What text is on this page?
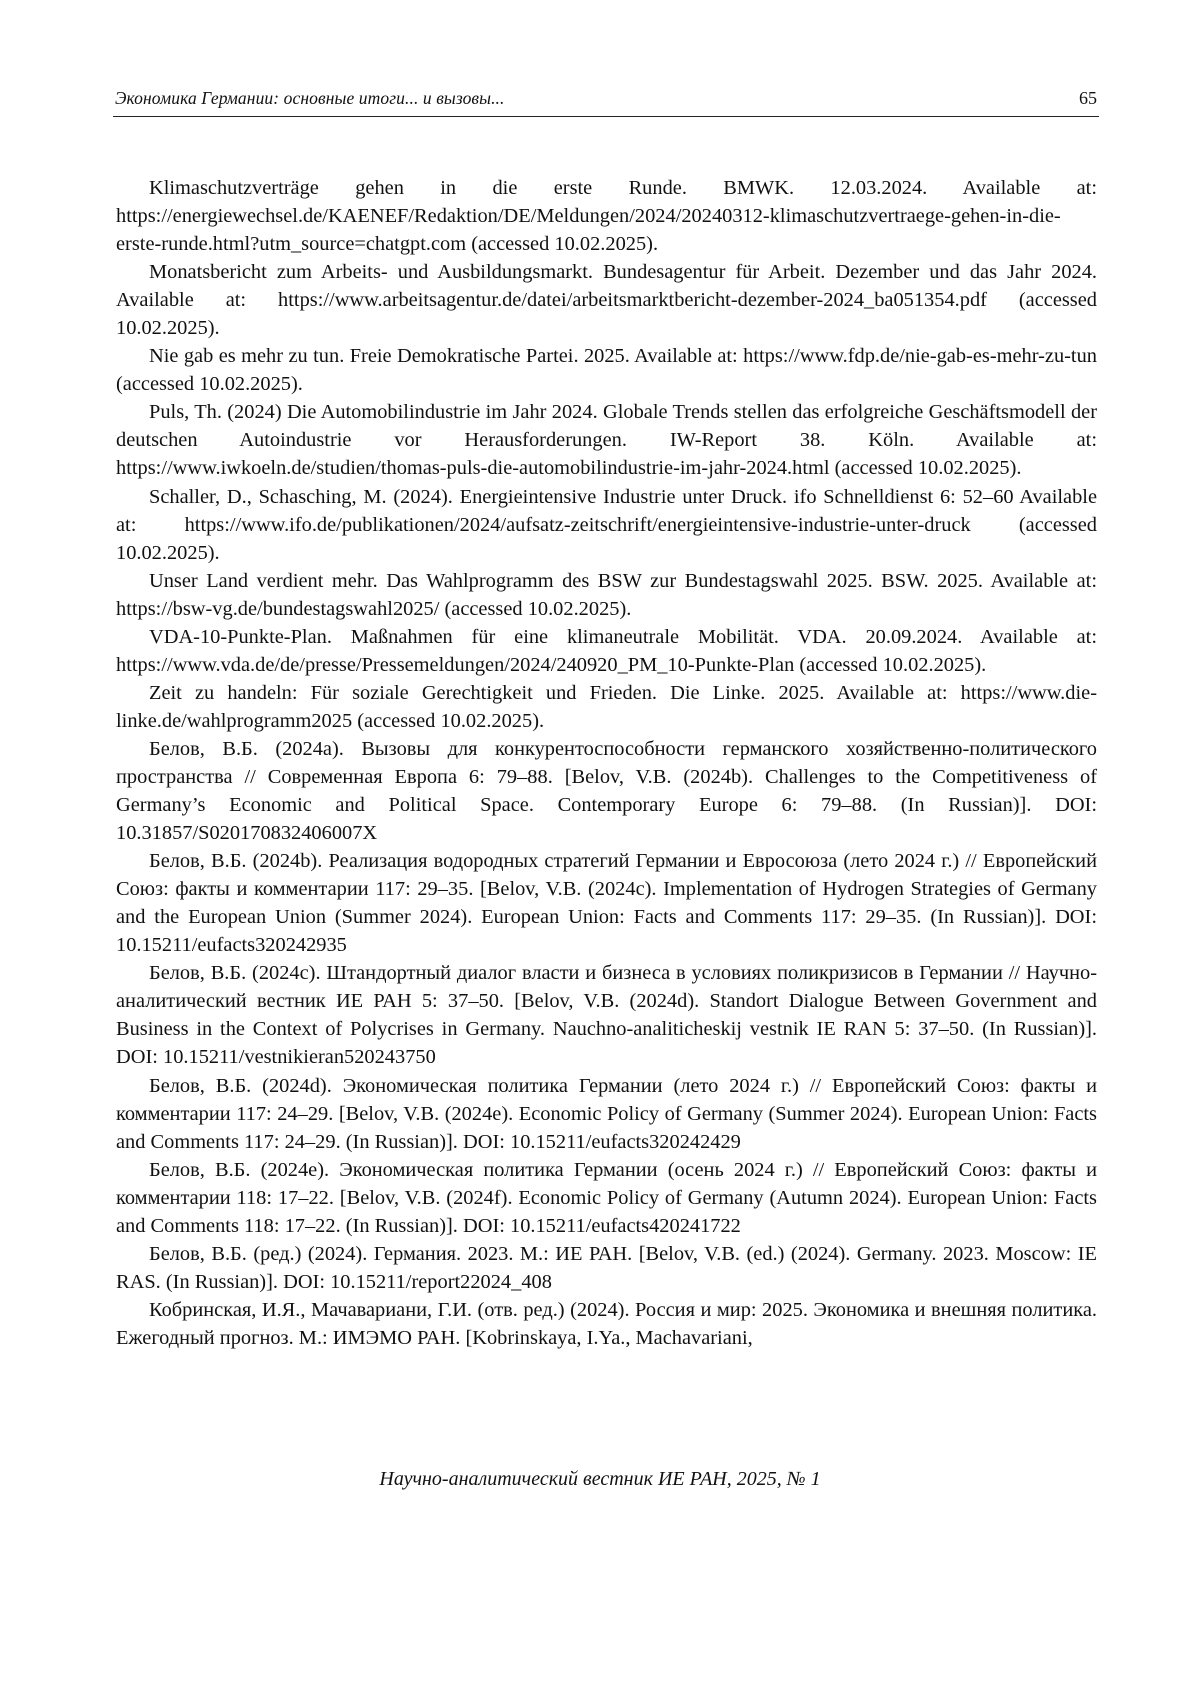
Экономика Германии: основные итоги... и вызовы...	65

Klimaschutzverträge gehen in die erste Runde. BMWK. 12.03.2024. Available at: https://energiewechsel.de/KAENEF/Redaktion/DE/Meldungen/2024/20240312-klimaschutzvertraege-gehen-in-die-erste-runde.html?utm_source=chatgpt.com (accessed 10.02.2025).

Monatsbericht zum Arbeits- und Ausbildungsmarkt. Bundesagentur für Arbeit. Dezember und das Jahr 2024. Available at: https://www.arbeitsagentur.de/datei/arbeitsmarktbericht-dezember-2024_ba051354.pdf (accessed 10.02.2025).

Nie gab es mehr zu tun. Freie Demokratische Partei. 2025. Available at: https://www.fdp.de/nie-gab-es-mehr-zu-tun (accessed 10.02.2025).

Puls, Th. (2024) Die Automobilindustrie im Jahr 2024. Globale Trends stellen das erfolgreiche Geschäftsmodell der deutschen Autoindustrie vor Herausforderungen. IW-Report 38. Köln. Available at: https://www.iwkoeln.de/studien/thomas-puls-die-automobilindustrie-im-jahr-2024.html (accessed 10.02.2025).

Schaller, D., Schasching, M. (2024). Energieintensive Industrie unter Druck. ifo Schnelldienst 6: 52–60 Available at: https://www.ifo.de/publikationen/2024/aufsatz-zeitschrift/energieintensive-industrie-unter-druck (accessed 10.02.2025).

Unser Land verdient mehr. Das Wahlprogramm des BSW zur Bundestagswahl 2025. BSW. 2025. Available at: https://bsw-vg.de/bundestagswahl2025/ (accessed 10.02.2025).

VDA-10-Punkte-Plan. Maßnahmen für eine klimaneutrale Mobilität. VDA. 20.09.2024. Available at: https://www.vda.de/de/presse/Pressemeldungen/2024/240920_PM_10-Punkte-Plan (accessed 10.02.2025).

Zeit zu handeln: Für soziale Gerechtigkeit und Frieden. Die Linke. 2025. Available at: https://www.die-linke.de/wahlprogramm2025 (accessed 10.02.2025).

Белов, В.Б. (2024a). Вызовы для конкурентоспособности германского хозяйственно-политического пространства // Современная Европа 6: 79–88. [Belov, V.B. (2024b). Challenges to the Competitiveness of Germany’s Economic and Political Space. Contemporary Europe 6: 79–88. (In Russian)]. DOI: 10.31857/S020170832406007X

Белов, В.Б. (2024b). Реализация водородных стратегий Германии и Евросоюза (лето 2024 г.) // Европейский Союз: факты и комментарии 117: 29–35. [Belov, V.B. (2024c). Implementation of Hydrogen Strategies of Germany and the European Union (Summer 2024). European Union: Facts and Comments 117: 29–35. (In Russian)]. DOI: 10.15211/eufacts320242935

Белов, В.Б. (2024c). Штандортный диалог власти и бизнеса в условиях поликризисов в Германии // Научно-аналитический вестник ИЕ РАН 5: 37–50. [Belov, V.B. (2024d). Standort Dialogue Between Government and Business in the Context of Polycrises in Germany. Nauchno-analiticheskij vestnik IE RAN 5: 37–50. (In Russian)]. DOI: 10.15211/vestnikieran520243750

Белов, В.Б. (2024d). Экономическая политика Германии (лето 2024 г.) // Европейский Союз: факты и комментарии 117: 24–29. [Belov, V.B. (2024e). Economic Policy of Germany (Summer 2024). European Union: Facts and Comments 117: 24–29. (In Russian)]. DOI: 10.15211/eufacts320242429

Белов, В.Б. (2024e). Экономическая политика Германии (осень 2024 г.) // Европейский Союз: факты и комментарии 118: 17–22. [Belov, V.B. (2024f). Economic Policy of Germany (Autumn 2024). European Union: Facts and Comments 118: 17–22. (In Russian)]. DOI: 10.15211/eufacts420241722

Белов, В.Б. (ред.) (2024). Германия. 2023. М.: ИЕ РАН. [Belov, V.B. (ed.) (2024). Germany. 2023. Moscow: IE RAS. (In Russian)]. DOI: 10.15211/report22024_408

Кобринская, И.Я., Мачавариани, Г.И. (отв. ред.) (2024). Россия и мир: 2025. Экономика и внешняя политика. Ежегодный прогноз. М.: ИМЭМО РАН. [Kobrinskaya, I.Ya., Machavariani,

Научно-аналитический вестник ИЕ РАН, 2025, № 1
